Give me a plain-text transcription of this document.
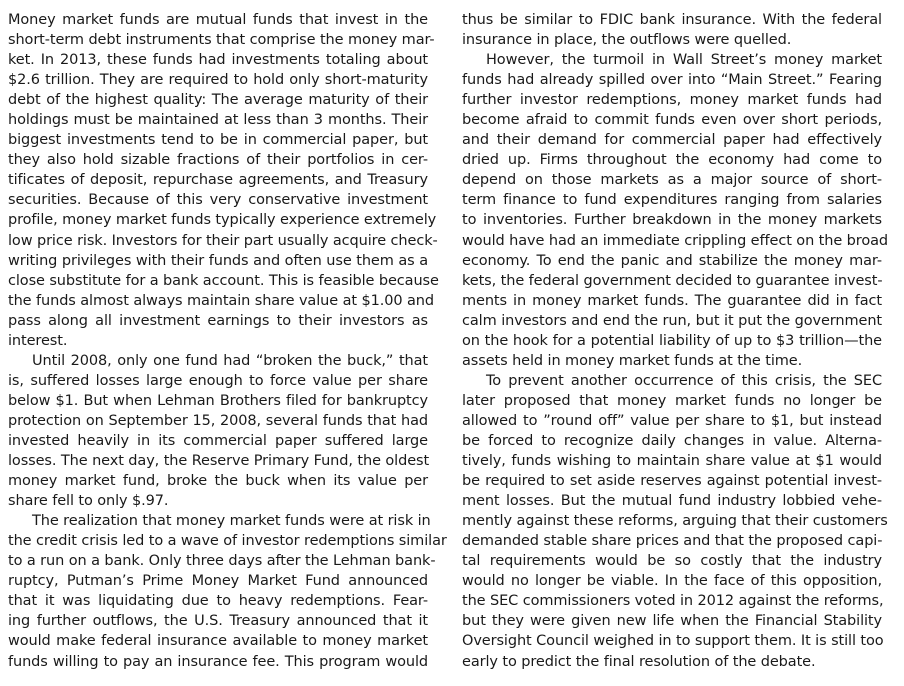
Money market funds are mutual funds that invest in the
short-term debt instruments that comprise the money mar-
ket. In 2013, these funds had investments totaling about
$2.6 trillion. They are required to hold only short-maturity
debt of the highest quality: The average maturity of their
holdings must be maintained at less than 3 months. Their
biggest investments tend to be in commercial paper, but
they also hold sizable fractions of their portfolios in cer-
tificates of deposit, repurchase agreements, and Treasury
securities. Because of this very conservative investment
profile, money market funds typically experience extremely
low price risk. Investors for their part usually acquire check-
writing privileges with their funds and often use them as a
close substitute for a bank account. This is feasible because
the funds almost always maintain share value at $1.00 and
pass along all investment earnings to their investors as
interest.
Until 2008, only one fund had “broken the buck,” that
is, suffered losses large enough to force value per share
below $1. But when Lehman Brothers filed for bankruptcy
protection on September 15, 2008, several funds that had
invested heavily in its commercial paper suffered large
losses. The next day, the Reserve Primary Fund, the oldest
money market fund, broke the buck when its value per
share fell to only $.97.
The realization that money market funds were at risk in
the credit crisis led to a wave of investor redemptions similar
to a run on a bank. Only three days after the Lehman bank-
ruptcy, Putman’s Prime Money Market Fund announced
that it was liquidating due to heavy redemptions. Fear-
ing further outflows, the U.S. Treasury announced that it
would make federal insurance available to money market
funds willing to pay an insurance fee. This program would
thus be similar to FDIC bank insurance. With the federal
insurance in place, the outflows were quelled.
However, the turmoil in Wall Street’s money market
funds had already spilled over into “Main Street.” Fearing
further investor redemptions, money market funds had
become afraid to commit funds even over short periods,
and their demand for commercial paper had effectively
dried up. Firms throughout the economy had come to
depend on those markets as a major source of short-
term finance to fund expenditures ranging from salaries
to inventories. Further breakdown in the money markets
would have had an immediate crippling effect on the broad
economy. To end the panic and stabilize the money mar-
kets, the federal government decided to guarantee invest-
ments in money market funds. The guarantee did in fact
calm investors and end the run, but it put the government
on the hook for a potential liability of up to $3 trillion—the
assets held in money market funds at the time.
To prevent another occurrence of this crisis, the SEC
later proposed that money market funds no longer be
allowed to ”round off” value per share to $1, but instead
be forced to recognize daily changes in value. Alterna-
tively, funds wishing to maintain share value at $1 would
be required to set aside reserves against potential invest-
ment losses. But the mutual fund industry lobbied vehe-
mently against these reforms, arguing that their customers
demanded stable share prices and that the proposed capi-
tal requirements would be so costly that the industry
would no longer be viable. In the face of this opposition,
the SEC commissioners voted in 2012 against the reforms,
but they were given new life when the Financial Stability
Oversight Council weighed in to support them. It is still too
early to predict the final resolution of the debate.
